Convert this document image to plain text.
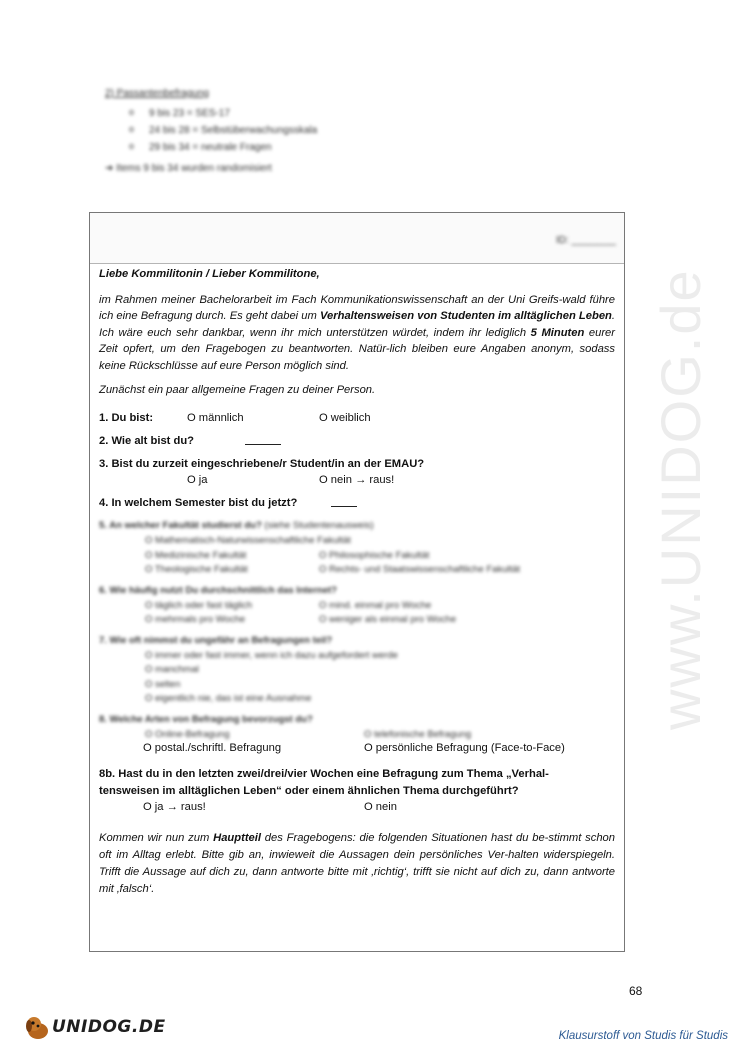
2) Passantenbefragung
o 9 bis 23 = SES-17
o 24 bis 28 = Selbstüberwachungsskala
o 29 bis 34 = neutrale Fragen
➜ Items 9 bis 34 wurden randomisiert
www.UNIDOG.de
ID: ________
Liebe Kommilitonin / Lieber Kommilitone,
im Rahmen meiner Bachelorarbeit im Fach Kommunikationswissenschaft an der Uni Greifs-wald führe ich eine Befragung durch. Es geht dabei um Verhaltensweisen von Studenten im alltäglichen Leben. Ich wäre euch sehr dankbar, wenn ihr mich unterstützen würdet, indem ihr lediglich 5 Minuten eurer Zeit opfert, um den Fragebogen zu beantworten. Natür-lich bleiben eure Angaben anonym, sodass keine Rückschlüsse auf eure Person möglich sind.
Zunächst ein paar allgemeine Fragen zu deiner Person.
1. Du bist:	O männlich	O weiblich
2. Wie alt bist du?
3. Bist du zurzeit eingeschriebene/r Student/in an der EMAU?
O ja	O nein → raus!
4. In welchem Semester bist du jetzt?
5. An welcher Fakultät studierst du? (siehe Studentenausweis)
O Mathematisch-Naturwissenschaftliche Fakultät
O Medizinische Fakultät	O Philosophische Fakultät
O Theologische Fakultät	O Rechts- und Staatswissenschaftliche Fakultät
6. Wie häufig nutzt Du durchschnittlich das Internet?
O täglich oder fast täglich	O mind. einmal pro Woche
O mehrmals pro Woche	O weniger als einmal pro Woche
7. Wie oft nimmst du ungefähr an Befragungen teil?
O immer oder fast immer, wenn ich dazu aufgefordert werde
O manchmal
O selten
O eigentlich nie, das ist eine Ausnahme
8. Welche Arten von Befragung bevorzugst du?
O Online-Befragung	O telefonische Befragung
O postal./schriftl. Befragung	O persönliche Befragung (Face-to-Face)
8b. Hast du in den letzten zwei/drei/vier Wochen eine Befragung zum Thema „Verhal-
tensweisen im alltäglichen Leben“ oder einem ähnlichen Thema durchgeführt?
O ja → raus!	O nein
Kommen wir nun zum Hauptteil des Fragebogens: die folgenden Situationen hast du be-stimmt schon oft im Alltag erlebt. Bitte gib an, inwieweit die Aussagen dein persönliches Ver-halten widerspiegeln. Trifft die Aussage auf dich zu, dann antworte bitte mit ‚richtig‘, trifft sie nicht auf dich zu, dann antworte mit ‚falsch‘.
68
UNIDOG.DE	Klausurstoff von Studis für Studis
